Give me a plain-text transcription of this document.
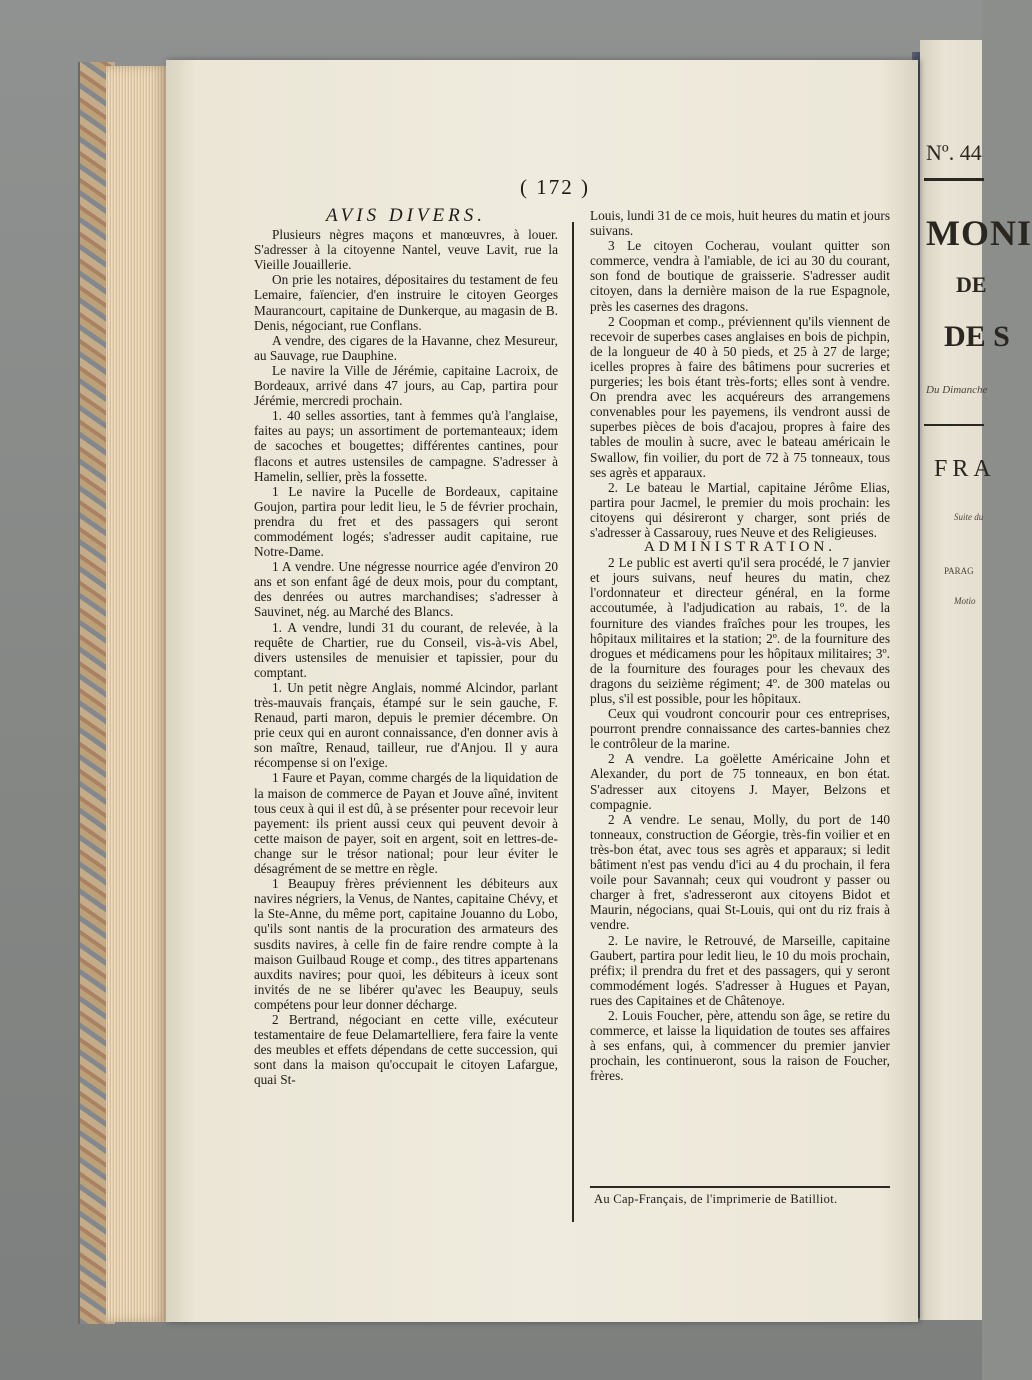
Nº. 44
MONI
DE
DE S
Du Dimanche
FRA
Suite du
PARAG
Motio
( 172 )
AVIS DIVERS.

Plusieurs nègres maçons et manœuvres, à louer. S'adresser à la citoyenne Nantel, veuve Lavit, rue la Vieille Jouaillerie.

On prie les notaires, dépositaires du testament de feu Lemaire, faïencier, d'en instruire le citoyen Georges Maurancourt, capitaine de Dunkerque, au magasin de B. Denis, négociant, rue Conflans.

A vendre, des cigares de la Havanne, chez Mesureur, au Sauvage, rue Dauphine.

Le navire la Ville de Jérémie, capitaine Lacroix, de Bordeaux, arrivé dans 47 jours, au Cap, partira pour Jérémie, mercredi prochain.

1. 40 selles assorties, tant à femmes qu'à l'anglaise, faites au pays; un assortiment de portemanteaux; idem de sacoches et bougettes; différentes cantines, pour flacons et autres ustensiles de campagne. S'adresser à Hamelin, sellier, près la fossette.

1 Le navire la Pucelle de Bordeaux, capitaine Goujon, partira pour ledit lieu, le 5 de février prochain, prendra du fret et des passagers qui seront commodément logés; s'adresser audit capitaine, rue Notre-Dame.

1 A vendre. Une négresse nourrice agée d'environ 20 ans et son enfant âgé de deux mois, pour du comptant, des denrées ou autres marchandises; s'adresser à Sauvinet, nég. au Marché des Blancs.

1. A vendre, lundi 31 du courant, de relevée, à la requête de Chartier, rue du Conseil, vis-à-vis Abel, divers ustensiles de menuisier et tapissier, pour du comptant.

1. Un petit nègre Anglais, nommé Alcindor, parlant très-mauvais français, étampé sur le sein gauche, F. Renaud, parti maron, depuis le premier décembre. On prie ceux qui en auront connaissance, d'en donner avis à son maître, Renaud, tailleur, rue d'Anjou. Il y aura récompense si on l'exige.

1 Faure et Payan, comme chargés de la liquidation de la maison de commerce de Payan et Jouve aîné, invitent tous ceux à qui il est dû, à se présenter pour recevoir leur payement: ils prient aussi ceux qui peuvent devoir à cette maison de payer, soit en argent, soit en lettres-de-change sur le trésor national; pour leur éviter le désagrément de se mettre en règle.

1 Beaupuy frères préviennent les débiteurs aux navires négriers, la Venus, de Nantes, capitaine Chévy, et la Ste-Anne, du même port, capitaine Jouanno du Lobo, qu'ils sont nantis de la procuration des armateurs des susdits navires, à celle fin de faire rendre compte à la maison Guilbaud Rouge et comp., des titres appartenans auxdits navires; pour quoi, les débiteurs à iceux sont invités de ne se libérer qu'avec les Beaupuy, seuls compétens pour leur donner décharge.

2 Bertrand, négociant en cette ville, exécuteur testamentaire de feue Delamartelliere, fera faire la vente des meubles et effets dépendans de cette succession, qui sont dans la maison qu'occupait le citoyen Lafargue, quai St-

Louis, lundi 31 de ce mois, huit heures du matin et jours suivans.

3 Le citoyen Cocherau, voulant quitter son commerce, vendra à l'amiable, de ici au 30 du courant, son fond de boutique de graisserie. S'adresser audit citoyen, dans la dernière maison de la rue Espagnole, près les casernes des dragons.

2 Coopman et comp., préviennent qu'ils viennent de recevoir de superbes cases anglaises en bois de pichpin, de la longueur de 40 à 50 pieds, et 25 à 27 de large; icelles propres à faire des bâtimens pour sucreries et purgeries; les bois étant très-forts; elles sont à vendre. On prendra avec les acquéreurs des arrangemens convenables pour les payemens, ils vendront aussi de superbes pièces de bois d'acajou, propres à faire des tables de moulin à sucre, avec le bateau américain le Swallow, fin voilier, du port de 72 à 75 tonneaux, tous ses agrès et apparaux.

2. Le bateau le Martial, capitaine Jérôme Elias, partira pour Jacmel, le premier du mois prochain: les citoyens qui désireront y charger, sont priés de s'adresser à Cassarouy, rues Neuve et des Religieuses.

ADMINISTRATION.

2 Le public est averti qu'il sera procédé, le 7 janvier et jours suivans, neuf heures du matin, chez l'ordonnateur et directeur général, en la forme accoutumée, à l'adjudication au rabais, 1º. de la fourniture des viandes fraîches pour les troupes, les hôpitaux militaires et la station; 2º. de la fourniture des drogues et médicamens pour les hôpitaux militaires; 3º. de la fourniture des fourages pour les chevaux des dragons du seizième régiment; 4º. de 300 matelas ou plus, s'il est possible, pour les hôpitaux.

Ceux qui voudront concourir pour ces entreprises, pourront prendre connaissance des cartes-bannies chez le contrôleur de la marine.

2 A vendre. La goëlette Américaine John et Alexander, du port de 75 tonneaux, en bon état. S'adresser aux citoyens J. Mayer, Belzons et compagnie.

2 A vendre. Le senau, Molly, du port de 140 tonneaux, construction de Géorgie, très-fin voilier et en très-bon état, avec tous ses agrès et apparaux; si ledit bâtiment n'est pas vendu d'ici au 4 du prochain, il fera voile pour Savannah; ceux qui voudront y passer ou charger à fret, s'adresseront aux citoyens Bidot et Maurin, négocians, quai St-Louis, qui ont du riz frais à vendre.

2. Le navire, le Retrouvé, de Marseille, capitaine Gaubert, partira pour ledit lieu, le 10 du mois prochain, préfix; il prendra du fret et des passagers, qui y seront commodément logés. S'adresser à Hugues et Payan, rues des Capitaines et de Châtenoye.

2. Louis Foucher, père, attendu son âge, se retire du commerce, et laisse la liquidation de toutes ses affaires à ses enfans, qui, à commencer du premier janvier prochain, les continueront, sous la raison de Foucher, frères.

Au Cap-Français, de l'imprimerie de Batilliot.
